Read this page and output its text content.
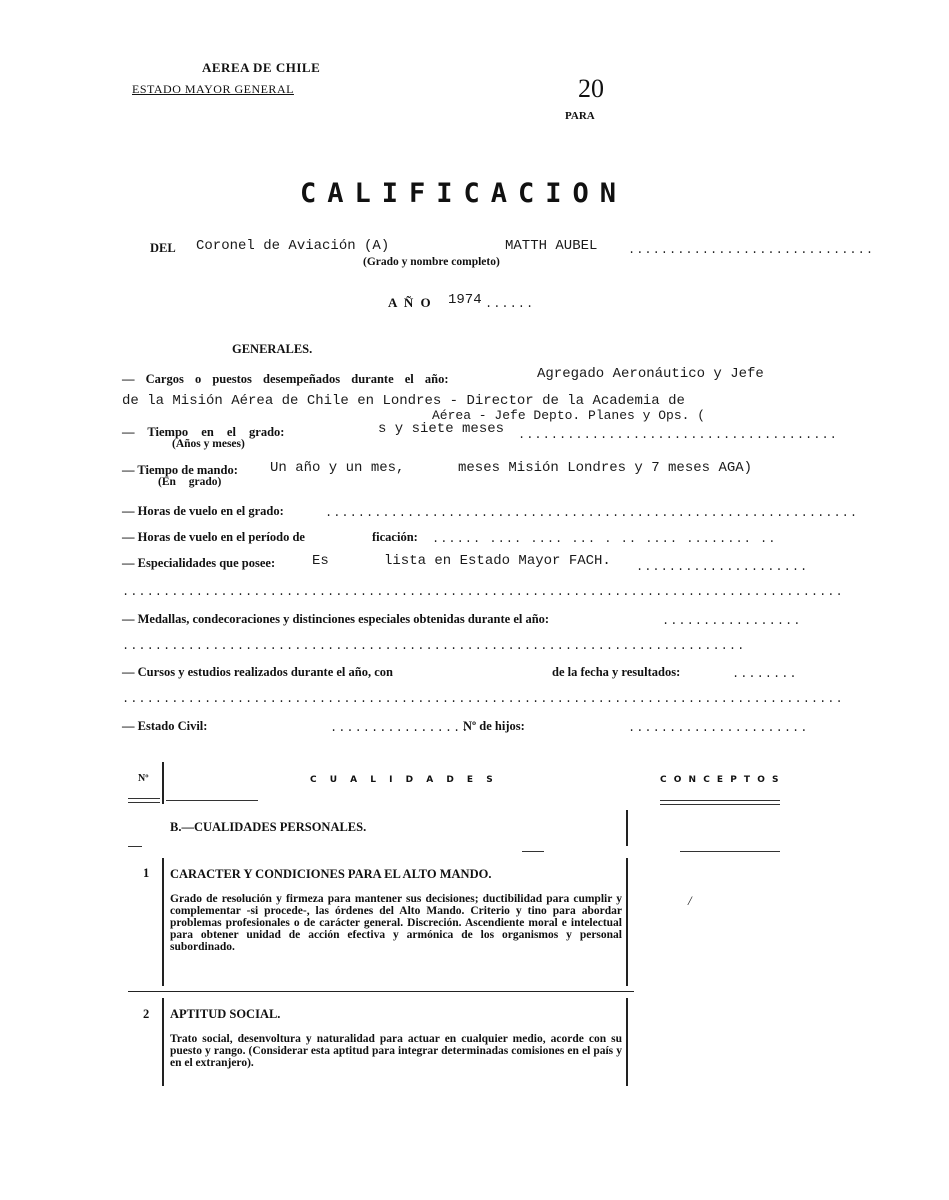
AEREA DE CHILE
ESTADO MAYOR GENERAL	20
PARA
CALIFICACION
DEL Coronel de Aviación (A)	MATTH AUBEL	..............................
(Grado y nombre completo)
A Ñ O 1974 ......
GENERALES.
— Cargos o puestos desempeñados durante el año:	Agregado Aeronáutico y Jefe
de la Misión Aérea de Chile en Londres - Director de la Academia de
Aérea - Jefe Depto. Planes y Ops. (
— Tiempo en el grado:
(Años y meses)
s y siete meses .......................................
— Tiempo de mando: Un año y un mes,	meses Misión Londres y 7 meses AGA)
(En grado)
— Horas de vuelo en el grado:	.................................................................
— Horas de vuelo en el período de	ficación: ...... .... .... ... . .. .... ........ ..
— Especialidades que posee:	Es	lista en Estado Mayor FACH. .....................
........................................................................................
— Medallas, condecoraciones y distinciones especiales obtenidas durante el año:	.................
............................................................................
— Cursos y estudios realizados durante el año, con	de la fecha y resultados:	........
........................................................................................
— Estado Civil:	.................
Nº de hijos:	......................
Nº	C U A L I D A D E S	C O N C E P T O S
B.—CUALIDADES PERSONALES.
1 CARACTER Y CONDICIONES PARA EL ALTO MANDO.
Grado de resolución y firmeza para mantener sus decisiones; ductibilidad para cumplir y complementar -si procede-, las órdenes del Alto Mando. Criterio y tino para abordar problemas profesionales o de carácter general. Discreción. Ascendiente moral e intelectual para obtener unidad de acción efectiva y armónica de los organismos y personal subordinado.
/
2 APTITUD SOCIAL.
Trato social, desenvoltura y naturalidad para actuar en cualquier medio, acorde con su puesto y rango. (Considerar esta aptitud para integrar determinadas comisiones en el país y en el extranjero).
